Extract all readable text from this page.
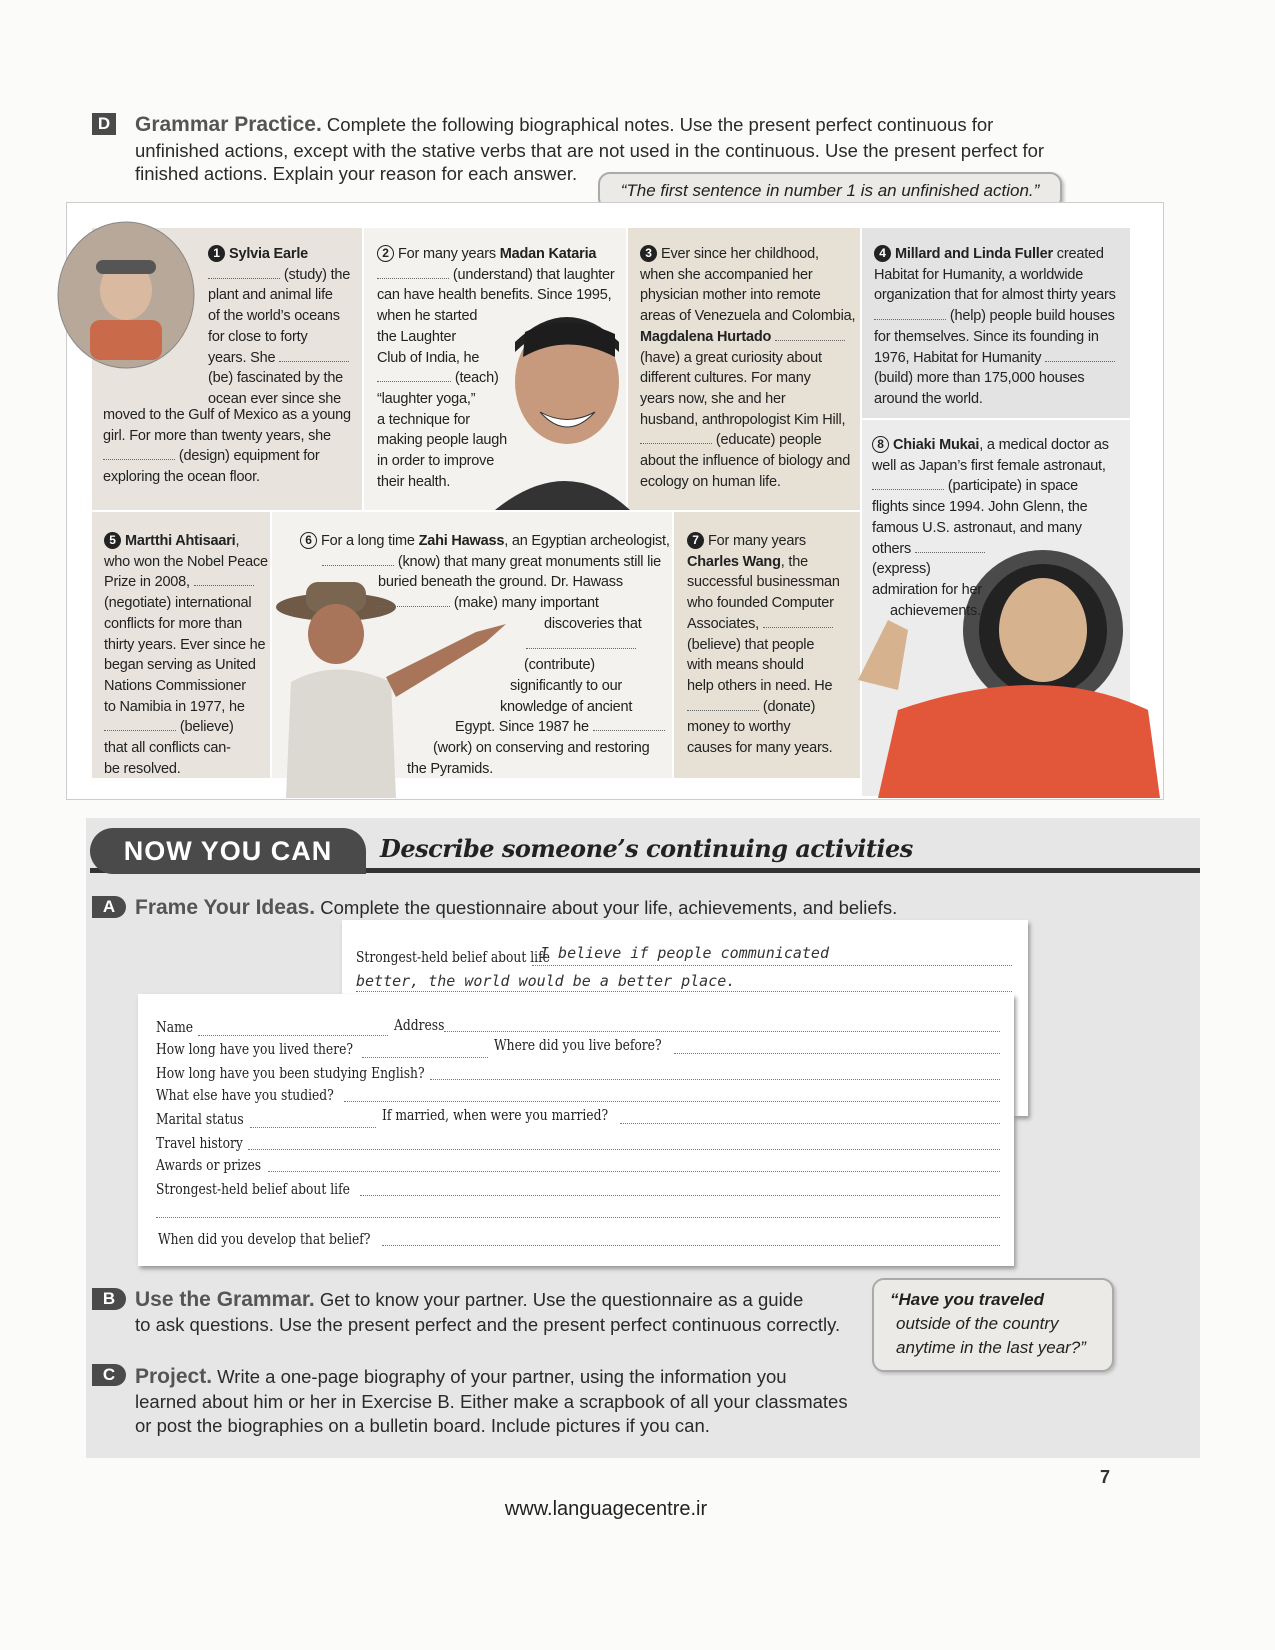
D Grammar Practice. Complete the following biographical notes. Use the present perfect continuous for
unfinished actions, except with the stative verbs that are not used in the continuous. Use the present perfect for
finished actions. Explain your reason for each answer.
“The first sentence in number 1 is an unfinished action.”
1 Sylvia Earle
(study) the
plant and animal life
of the world’s oceans
for close to forty
years. She
(be) fascinated by the
ocean ever since she
moved to the Gulf of Mexico as a young
girl. For more than twenty years, she
(design) equipment for
exploring the ocean floor.
2 For many years Madan Kataria
(understand) that laughter
can have health benefits. Since 1995,
when he started
the Laughter
Club of India, he
(teach)
“laughter yoga,”
a technique for
making people laugh
in order to improve
their health.
3 Ever since her childhood,
when she accompanied her
physician mother into remote
areas of Venezuela and Colombia,
Magdalena Hurtado
(have) a great curiosity about
different cultures. For many
years now, she and her
husband, anthropologist Kim Hill,
(educate) people
about the influence of biology and
ecology on human life.
4 Millard and Linda Fuller created
Habitat for Humanity, a worldwide
organization that for almost thirty years
(help) people build houses
for themselves. Since its founding in
1976, Habitat for Humanity
(build) more than 175,000 houses
around the world.
8 Chiaki Mukai, a medical doctor as
well as Japan’s first female astronaut,
(participate) in space
flights since 1994. John Glenn, the
famous U.S. astronaut, and many
others
(express)
admiration for her
achievements.
5 Martthi Ahtisaari,
who won the Nobel Peace
Prize in 2008,
(negotiate) international
conflicts for more than
thirty years. Ever since he
began serving as United
Nations Commissioner
to Namibia in 1977, he
(believe)
that all conflicts can-
be resolved.
6 For a long time Zahi Hawass, an Egyptian archeologist,
(know) that many great monuments still lie
buried beneath the ground. Dr. Hawass
(make) many important
discoveries that
(contribute)
significantly to our
knowledge of ancient
Egypt. Since 1987 he
(work) on conserving and restoring
the Pyramids.
7 For many years
Charles Wang, the
successful businessman
who founded Computer
Associates,
(believe) that people
with means should
help others in need. He
(donate)
money to worthy
causes for many years.
NOW YOU CAN	Describe someone’s continuing activities
A Frame Your Ideas. Complete the questionnaire about your life, achievements, and beliefs.
Strongest-held belief about life
I believe if people communicated
better, the world would be a better place.
Name	Address
How long have you lived there?	Where did you live before?
How long have you been studying English?
What else have you studied?
Marital status	If married, when were you married?
Travel history
Awards or prizes
Strongest-held belief about life
When did you develop that belief?
B Use the Grammar. Get to know your partner. Use the questionnaire as a guide
to ask questions. Use the present perfect and the present perfect continuous correctly.
“Have you traveled
outside of the country
anytime in the last year?”
C Project. Write a one-page biography of your partner, using the information you
learned about him or her in Exercise B. Either make a scrapbook of all your classmates
or post the biographies on a bulletin board. Include pictures if you can.
7
www.languagecentre.ir
